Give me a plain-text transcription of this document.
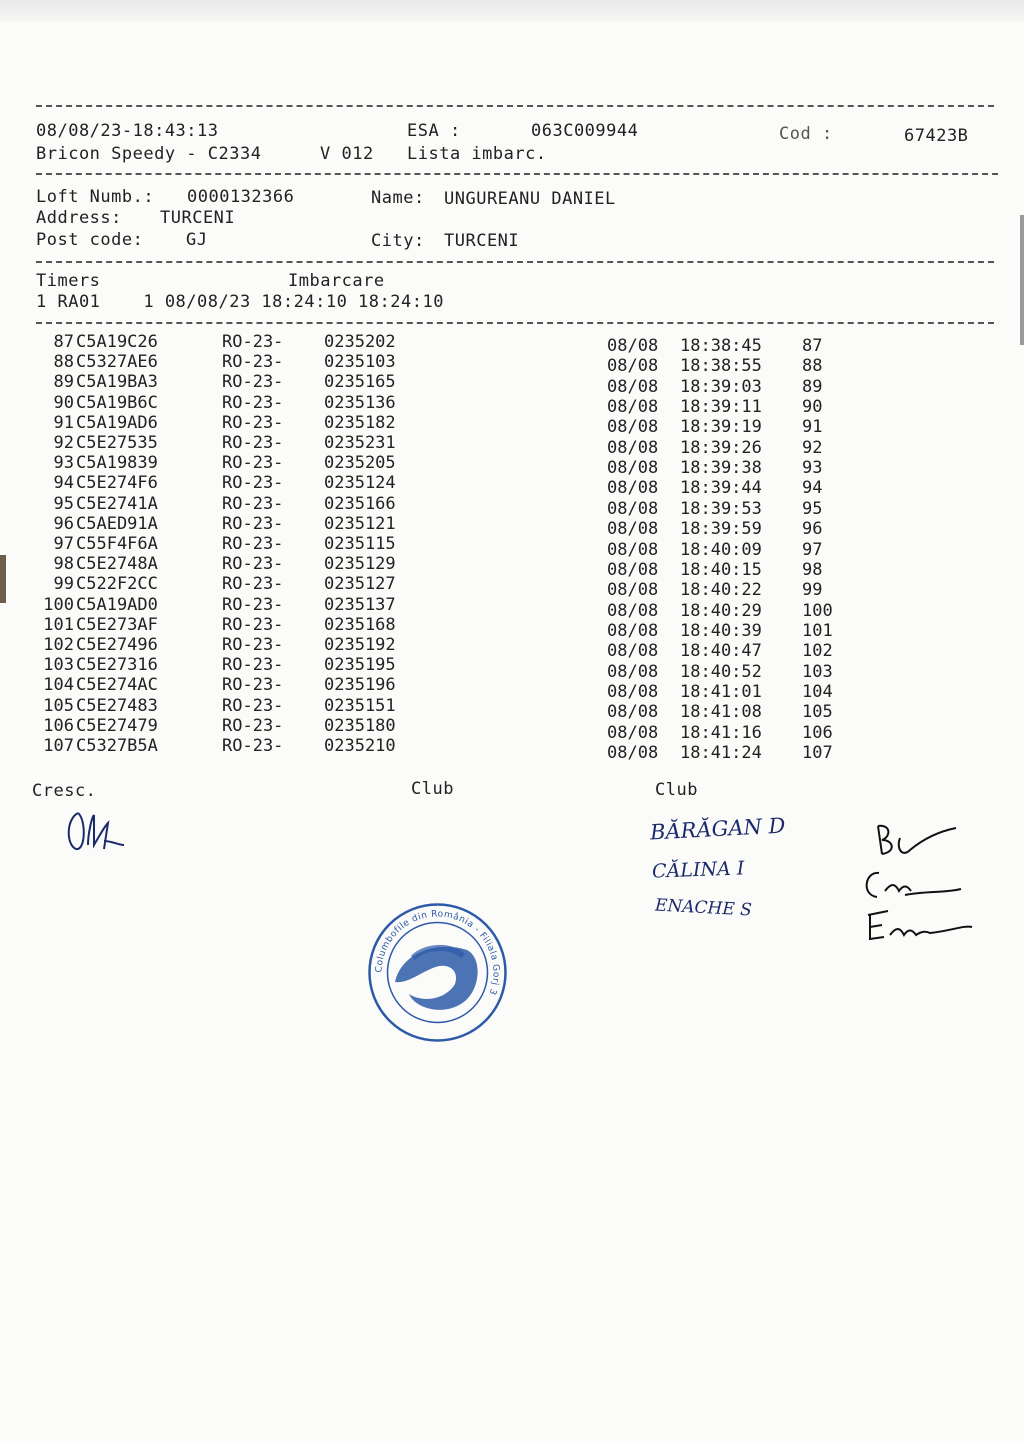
08/08/23-18:43:13	ESA :	063C009944	Cod :	67423B
Bricon Speedy - C2334	V 012 Lista imbarc.
Loft Numb.: 0000132366	Name: UNGUREANU DANIEL
Address: TURCENI
Post code:	GJ	City: TURCENI
Timers	Imbarcare
1 RA01    1 08/08/23 18:24:10 18:24:10
87 C5A19C26	RO-23- 0235202	08/08 18:38:45 87
88 C5327AE6	RO-23- 0235103	08/08 18:38:55 88
89 C5A19BA3	RO-23- 0235165	08/08 18:39:03 89
90 C5A19B6C	RO-23- 0235136	08/08 18:39:11 90
91 C5A19AD6	RO-23- 0235182	08/08 18:39:19 91
92 C5E27535	RO-23- 0235231	08/08 18:39:26 92
93 C5A19839	RO-23- 0235205	08/08 18:39:38 93
94 C5E274F6	RO-23- 0235124	08/08 18:39:44 94
95 C5E2741A	RO-23- 0235166	08/08 18:39:53 95
96 C5AED91A	RO-23- 0235121	08/08 18:39:59 96
97 C55F4F6A	RO-23- 0235115	08/08 18:40:09 97
98 C5E2748A	RO-23- 0235129	08/08 18:40:15 98
99 C522F2CC	RO-23- 0235127	08/08 18:40:22 99
100 C5A19AD0	RO-23- 0235137	08/08 18:40:29 100
101 C5E273AF	RO-23- 0235168	08/08 18:40:39 101
102 C5E27496	RO-23- 0235192	08/08 18:40:47 102
103 C5E27316	RO-23- 0235195	08/08 18:40:52 103
104 C5E274AC	RO-23- 0235196	08/08 18:41:01 104
105 C5E27483	RO-23- 0235151	08/08 18:41:08 105
106 C5E27479	RO-23- 0235180	08/08 18:41:16 106
107 C5327B5A	RO-23- 0235210	08/08 18:41:24 107
Cresc.	Club	Club
BĂRĂGAN D
CĂLINA I
ENACHE S
Columbofile din România - Filiala Gorj 3
